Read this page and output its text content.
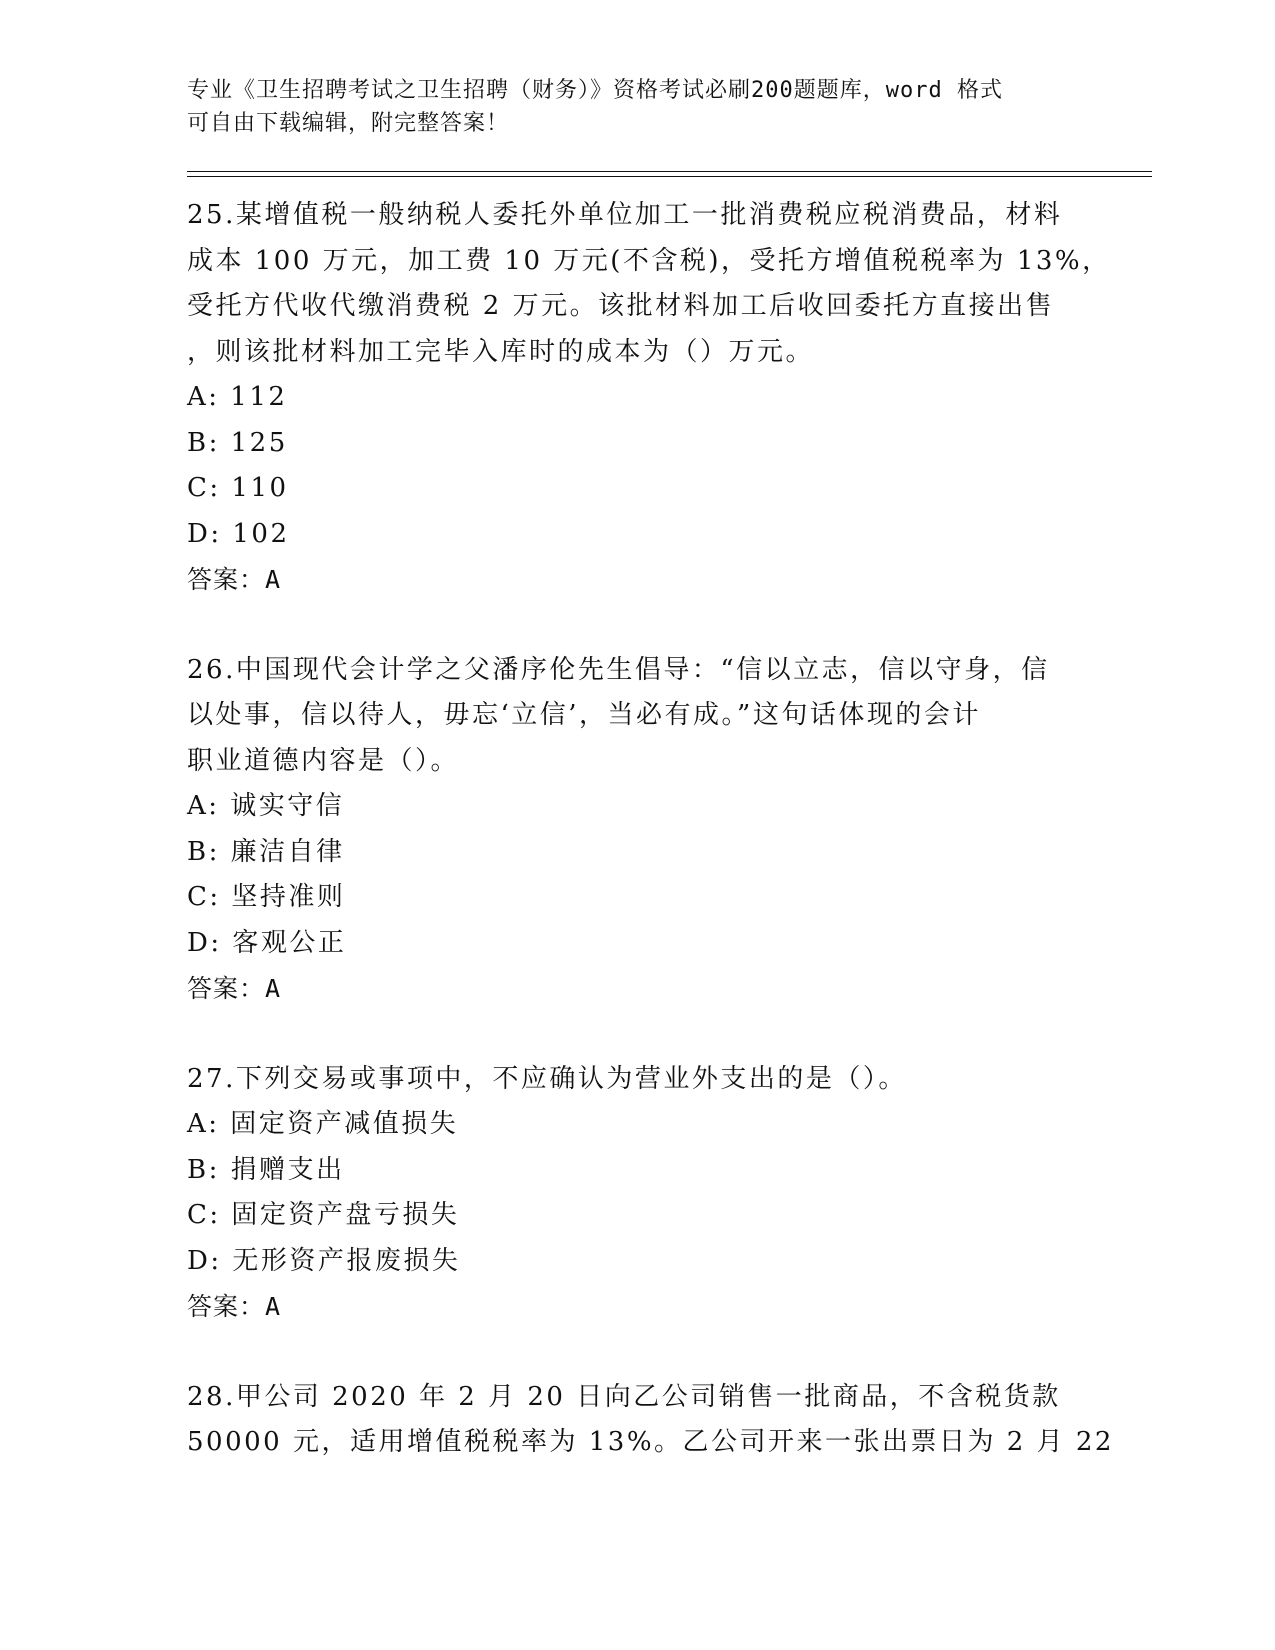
专业《卫生招聘考试之卫生招聘（财务）》资格考试必刷200题题库，word 格式
可自由下载编辑，附完整答案！
25.某增值税一般纳税人委托外单位加工一批消费税应税消费品，材料
成本 100 万元，加工费 10 万元(不含税)，受托方增值税税率为 13%，
受托方代收代缴消费税 2 万元。该批材料加工后收回委托方直接出售
，则该批材料加工完毕入库时的成本为（）万元。
A: 112
B: 125
C: 110
D: 102
答案：A
26.中国现代会计学之父潘序伦先生倡导：“信以立志，信以守身，信
以处事，信以待人，毋忘‘立信’，当必有成。”这句话体现的会计
职业道德内容是（）。
A: 诚实守信
B: 廉洁自律
C: 坚持准则
D: 客观公正
答案：A
27.下列交易或事项中，不应确认为营业外支出的是（）。
A: 固定资产减值损失
B: 捐赠支出
C: 固定资产盘亏损失
D: 无形资产报废损失
答案：A
28.甲公司 2020 年 2 月 20 日向乙公司销售一批商品，不含税货款
50000 元，适用增值税税率为 13%。乙公司开来一张出票日为 2 月 22
